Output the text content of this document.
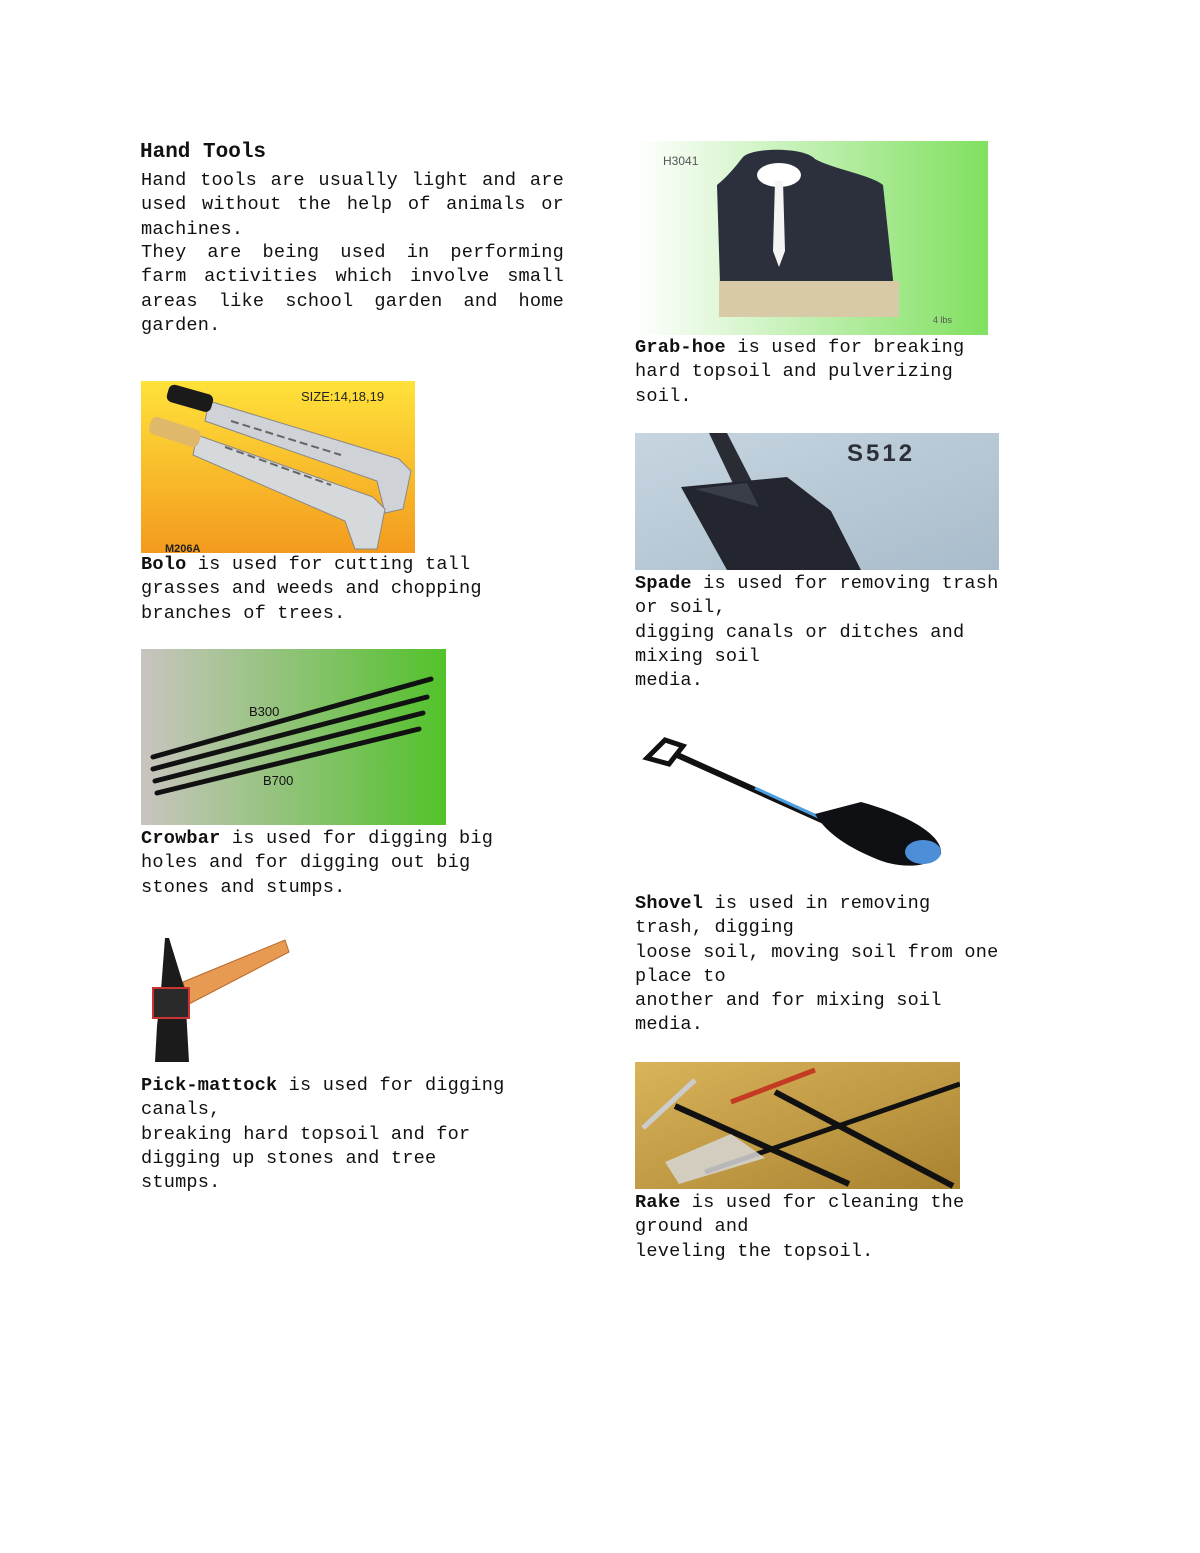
Hand Tools
Hand tools are usually light and are used without the help of animals or machines.
They are being used in performing farm activities which involve small areas like school garden and home garden.
SIZE:14,18,19
M206A
Bolo is used for cutting tall
grasses and weeds and chopping
branches of trees.
B300
B700
Crowbar is used for digging big
holes and for digging out big
stones and stumps.
Pick-mattock is used for digging
canals,
breaking hard topsoil and for
digging up stones and tree
stumps.
H3041
4 lbs
Grab-hoe is used for breaking
hard topsoil and pulverizing
soil.
S512
Spade is used for removing trash
or soil,
digging canals or ditches and
mixing soil
media.
Shovel is used in removing
trash, digging
loose soil, moving soil from one
place to
another and for mixing soil
media.
Rake is used for cleaning the
ground and
leveling the topsoil.
